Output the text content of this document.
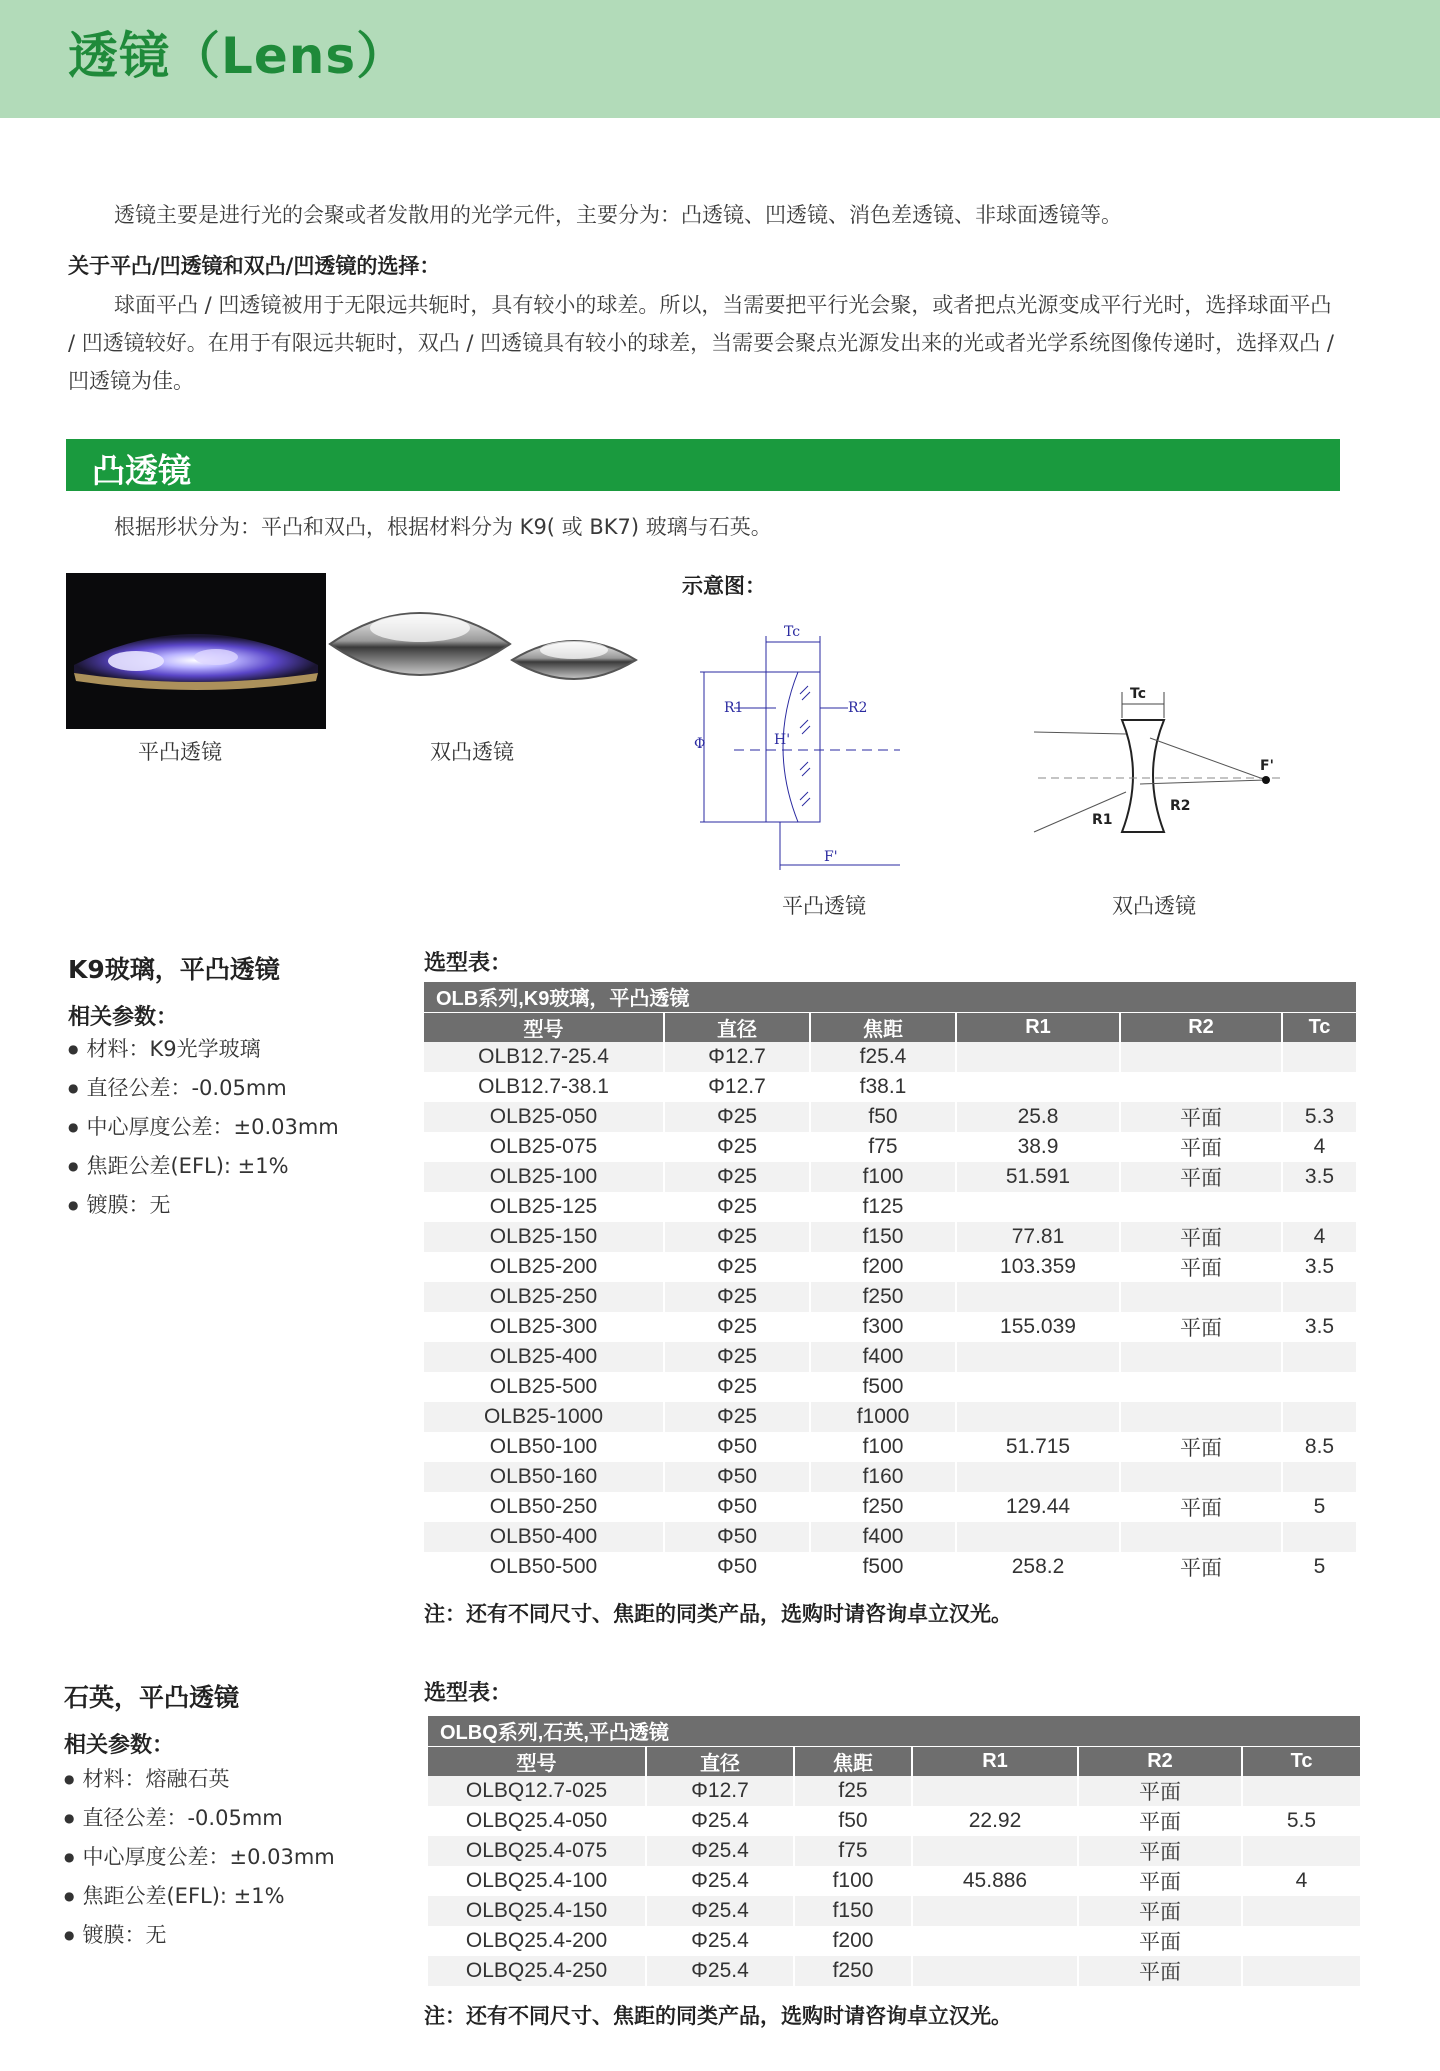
透镜（Lens）

透镜主要是进行光的会聚或者发散用的光学元件，主要分为：凸透镜、凹透镜、消色差透镜、非球面透镜等。

关于平凸/凹透镜和双凸/凹透镜的选择：

球面平凸 / 凹透镜被用于无限远共轭时，具有较小的球差。所以，当需要把平行光会聚，或者把点光源变成平行光时，选择球面平凸 / 凹透镜较好。在用于有限远共轭时，双凸 / 凹透镜具有较小的球差，当需要会聚点光源发出来的光或者光学系统图像传递时，选择双凸 / 凹透镜为佳。

凸透镜

根据形状分为：平凸和双凸，根据材料分为 K9( 或 BK7) 玻璃与石英。

平凸透镜	双凸透镜
示意图：
Tc
Φ
R1	R2
H'
F'
平凸透镜
Tc
F'
R1
R2
双凸透镜
K9玻璃，平凸透镜
相关参数：
● 材料：K9光学玻璃
● 直径公差：-0.05mm
● 中心厚度公差：±0.03mm
● 焦距公差(EFL): ±1%
● 镀膜：无
选型表：
OLB系列,K9玻璃，平凸透镜					
型号	直径	焦距	R1	R2	Tc
OLB12.7-25.4	Φ12.7	f25.4			
OLB12.7-38.1	Φ12.7	f38.1			
OLB25-050	Φ25	f50	25.8	平面	5.3
OLB25-075	Φ25	f75	38.9	平面	4
OLB25-100	Φ25	f100	51.591	平面	3.5
OLB25-125	Φ25	f125			
OLB25-150	Φ25	f150	77.81	平面	4
OLB25-200	Φ25	f200	103.359	平面	3.5
OLB25-250	Φ25	f250			
OLB25-300	Φ25	f300	155.039	平面	3.5
OLB25-400	Φ25	f400			
OLB25-500	Φ25	f500			
OLB25-1000	Φ25	f1000			
OLB50-100	Φ50	f100	51.715	平面	8.5
OLB50-160	Φ50	f160			
OLB50-250	Φ50	f250	129.44	平面	5
OLB50-400	Φ50	f400			
OLB50-500	Φ50	f500	258.2	平面	5
注：还有不同尺寸、焦距的同类产品，选购时请咨询卓立汉光。
石英，平凸透镜
相关参数：
● 材料：熔融石英
● 直径公差：-0.05mm
● 中心厚度公差：±0.03mm
● 焦距公差(EFL): ±1%
● 镀膜：无
选型表：
OLBQ系列,石英,平凸透镜					
型号	直径	焦距	R1	R2	Tc
OLBQ12.7-025	Φ12.7	f25		平面	
OLBQ25.4-050	Φ25.4	f50	22.92	平面	5.5
OLBQ25.4-075	Φ25.4	f75		平面	
OLBQ25.4-100	Φ25.4	f100	45.886	平面	4
OLBQ25.4-150	Φ25.4	f150		平面	
OLBQ25.4-200	Φ25.4	f200		平面	
OLBQ25.4-250	Φ25.4	f250		平面	
注：还有不同尺寸、焦距的同类产品，选购时请咨询卓立汉光。
